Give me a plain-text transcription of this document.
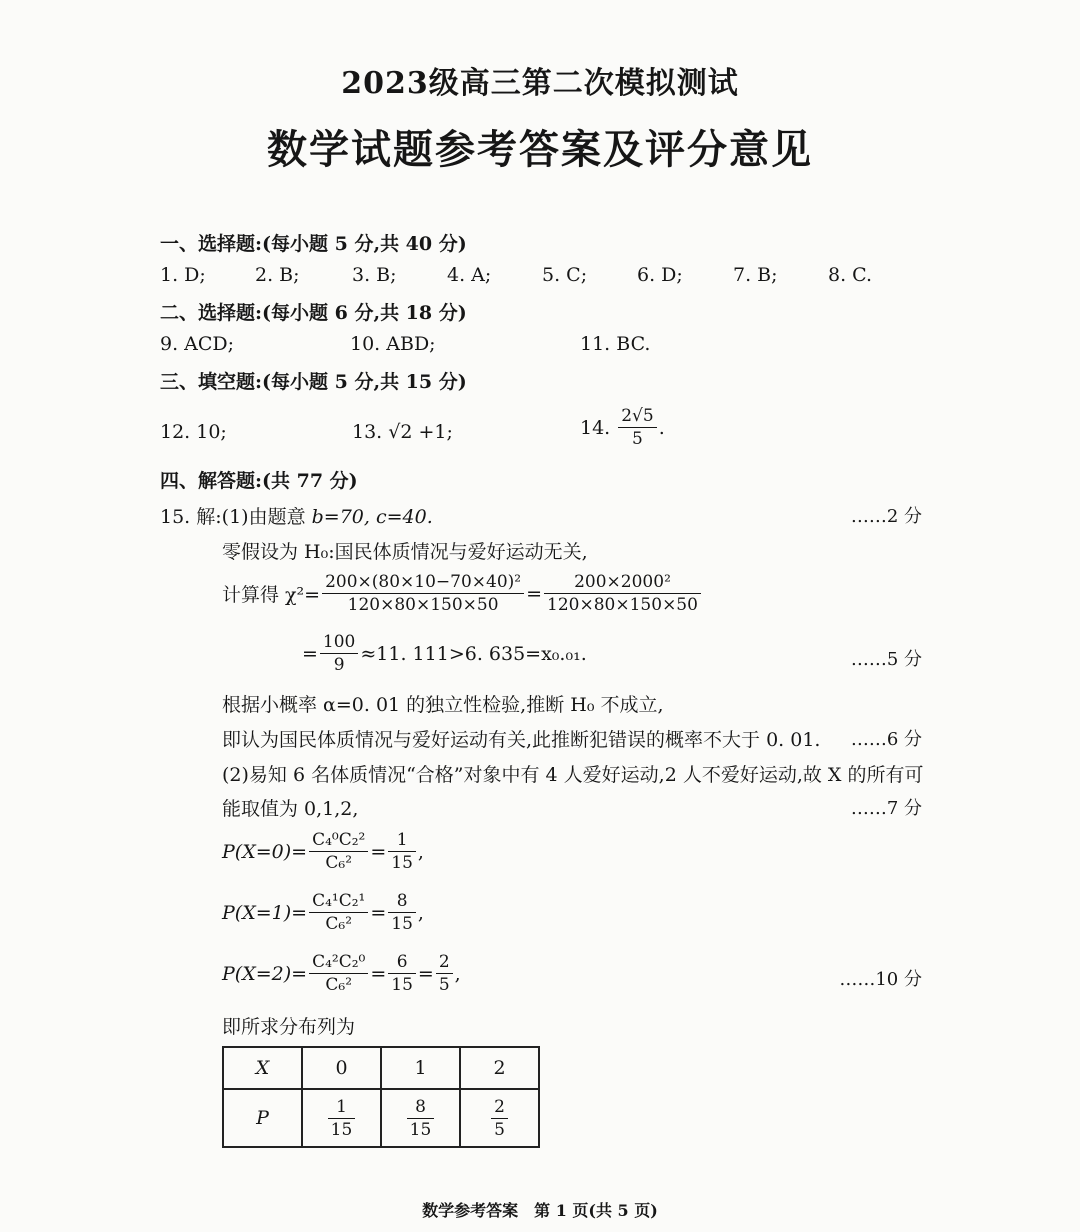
2023级高三第二次模拟测试
数学试题参考答案及评分意见
一、选择题:(每小题 5 分,共 40 分)
1. D;	2. B;	3. B;	4. A;	5. C;	6. D;	7. B;	8. C.
二、选择题:(每小题 6 分,共 18 分)
9. ACD;	10. ABD;	11. BC.
三、填空题:(每小题 5 分,共 15 分)
12. 10;	13. √2 +1;	14. $\frac{2√5}{5}$ .
四、解答题:(共 77 分)
15. 解:(1)由题意 b=70, c=40.	……2 分
零假设为 H₀:国民体质情况与爱好运动无关,
计算得 $\chi^2= \frac{\text{200×(80×10−70×40)²}}{120\times 80\times 150\times 50} = \frac{\text{200×2000²}}{120\times 80\times 150\times 50}$
= $\frac{100}{9} \approx 11$. 111>6. 635=x₀.₀₁.	……5 分
根据小概率 α=0. 01 的独立性检验,推断 H₀ 不成立,
即认为国民体质情况与爱好运动有关,此推断犯错误的概率不大于 0. 01. ……6 分
(2)易知 6 名体质情况“合格”对象中有 4 人爱好运动,2 人不爱好运动,故 X 的所有可
能取值为 0,1,2,	……7 分
$P(X=0)= \frac{\text{C₄⁰C₂²}}{\text{C₆²}} = \frac{1}{15}$ ,
$P(X=1)= \frac{\text{C₄¹C₂¹}}{\text{C₆²}} = \frac{8}{15}$ ,
$P(X=2)= \frac{\text{C₄²C₂⁰}}{\text{C₆²}} = \frac{6}{15} = \frac{2}{5}$ ,	……10 分
即所求分布列为
X	0	1	2
P	$\frac{1}{15}$	$\frac{8}{15}$	$\frac{2}{5}$
数学参考答案　第 1 页(共 5 页)
